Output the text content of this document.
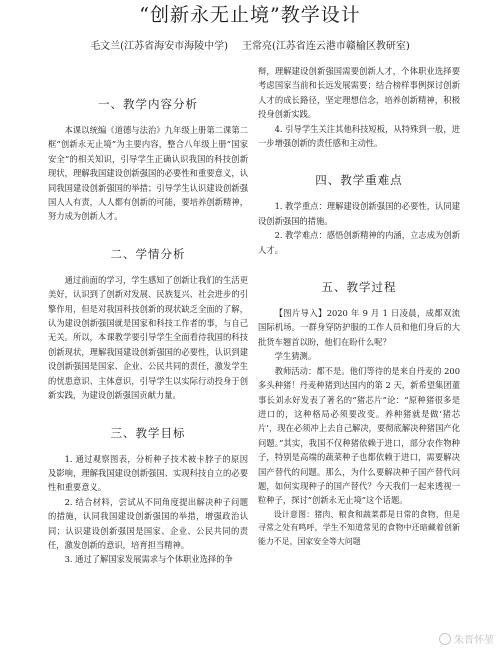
“创新永无止境”教学设计
毛文兰(江苏省海安市海陵中学) 王常亮(江苏省连云港市赣榆区教研室)
一、教学内容分析

本课以统编《道德与法治》九年级上册第二课第二框“创新永无止境”为主要内容，整合八年级上册“国家安全”的相关知识，引导学生正确认识我国的科技创新现状，理解我国建设创新强国的必要性和重要意义，认同我国建设创新强国的举措；引导学生认识建设创新强国人人有责，人人都有创新的可能，要培养创新精神，努力成为创新人才。

二、学情分析

通过前面的学习，学生感知了创新让我们的生活更美好，认识到了创新对发展、民族复兴、社会进步的引擎作用，但是对我国科技创新的现状缺乏全面的了解，认为建设创新强国就是国家和科技工作者的事，与自己无关。所以，本课教学要引导学生全面看待我国的科技创新现状，理解我国建设创新强国的必要性，认识到建设创新强国是国家、企业、公民共同的责任，激发学生的忧患意识、主体意识，引导学生以实际行动投身于创新实践，为建设创新强国贡献力量。

三、教学目标

1. 通过观察图表，分析种子技术被卡脖子的原因及影响，理解我国建设创新强国、实现科技自立的必要性和重要意义。

2. 结合材料，尝试从不同角度提出解决种子问题的措施，认同我国建设创新强国的举措，增强政治认同；认识建设创新强国是国家、企业、公民共同的责任，激发创新的意识，培育担当精神。

3. 通过了解国家发展需求与个体职业选择的争

辩，理解建设创新强国需要创新人才，个体职业选择要考虑国家当前和长远发展需要；结合榜样事例探讨创新人才的成长路径，坚定理想信念，培养创新精神，积极投身创新实践。

4. 引导学生关注其他科技短板，从特殊到一般，进一步增强创新的责任感和主动性。

四、教学重难点

1. 教学重点：理解建设创新强国的必要性，认同建设创新强国的措施。

2. 教学难点：感悟创新精神的内涵，立志成为创新人才。

五、教学过程

【图片导入】2020 年 9 月 1 日凌晨，成都双流国际机场。一群身穿防护服的工作人员和他们身后的大批货车翘首以盼，他们在盼什么呢？

学生猜测。

教师活动：都不是。他们等待的是来自丹麦的 200 多头种猪！丹麦种猪到达国内的第 2 天，新希望集团董事长刘永好发表了著名的“猪芯片”论：“原种猪很多是进口的，这种格局必须要改变。养种猪就是做‘猪芯片’，现在必须冲上去自己解决，要彻底解决种猪国产化问题。”其实，我国不仅种猪依赖于进口，部分农作物种子，特别是高端的蔬菜种子也都依赖于进口，需要解决国产替代的问题。那么，为什么要解决种子国产替代问题，如何实现种子的国产替代？今天我们一起来透视一粒种子，探讨“创新永无止境”这个话题。

设计意图：猪肉、粮食和蔬菜都是日常的食物，但是寻常之处有鸣呼，学生不知道常见的食物中还暗藏着创新能力不足，国家安全等大问题

朱晋怀堃
